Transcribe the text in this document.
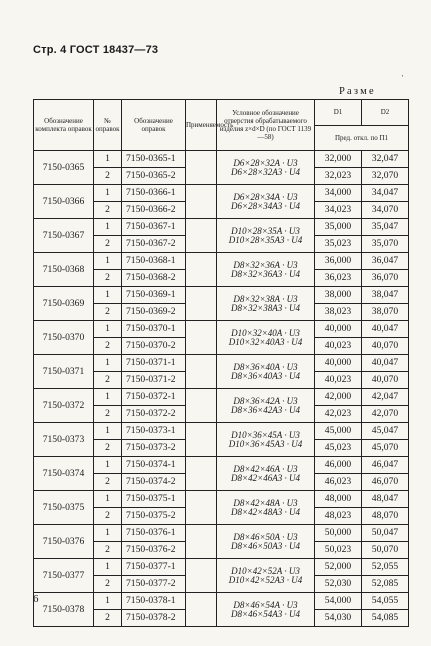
Стр. 4 ГОСТ 18437—73
'
Разме
Обозначение комплекта оправок	№ оправок	Обозначение оправок	Применяемость	Условное обозначение отверстия обрабатываемого изделия z×d×D (по ГОСТ 1139—58)	D1	D2
					Пред. откл. по П1	
7150-0365	1	7150-0365-1		D6×28×32A · U3
D6×28×32A3 · U4	32,000	32,047
	2	7150-0365-2			32,023	32,070
7150-0366	1	7150-0366-1		D6×28×34A · U3
D6×28×34A3 · U4	34,000	34,047
	2	7150-0366-2			34,023	34,070
7150-0367	1	7150-0367-1		D10×28×35A · U3
D10×28×35A3 · U4	35,000	35,047
	2	7150-0367-2			35,023	35,070
7150-0368	1	7150-0368-1		D8×32×36A · U3
D8×32×36A3 · U4	36,000	36,047
	2	7150-0368-2			36,023	36,070
7150-0369	1	7150-0369-1		D8×32×38A · U3
D8×32×38A3 · U4	38,000	38,047
	2	7150-0369-2			38,023	38,070
7150-0370	1	7150-0370-1		D10×32×40A · U3
D10×32×40A3 · U4	40,000	40,047
	2	7150-0370-2			40,023	40,070
7150-0371	1	7150-0371-1		D8×36×40A · U3
D8×36×40A3 · U4	40,000	40,047
	2	7150-0371-2			40,023	40,070
7150-0372	1	7150-0372-1		D8×36×42A · U3
D8×36×42A3 · U4	42,000	42,047
	2	7150-0372-2			42,023	42,070
7150-0373	1	7150-0373-1		D10×36×45A · U3
D10×36×45A3 · U4	45,000	45,047
	2	7150-0373-2			45,023	45,070
7150-0374	1	7150-0374-1		D8×42×46A · U3
D8×42×46A3 · U4	46,000	46,047
	2	7150-0374-2			46,023	46,070
7150-0375	1	7150-0375-1		D8×42×48A · U3
D8×42×48A3 · U4	48,000	48,047
	2	7150-0375-2			48,023	48,070
7150-0376	1	7150-0376-1		D8×46×50A · U3
D8×46×50A3 · U4	50,000	50,047
	2	7150-0376-2			50,023	50,070
7150-0377	1	7150-0377-1		D10×42×52A · U3
D10×42×52A3 · U4	52,000	52,055
	2	7150-0377-2			52,030	52,085
7150-0378	1	7150-0378-1		D8×46×54A · U3
D8×46×54A3 · U4	54,000	54,055
	2	7150-0378-2			54,030	54,085
6
